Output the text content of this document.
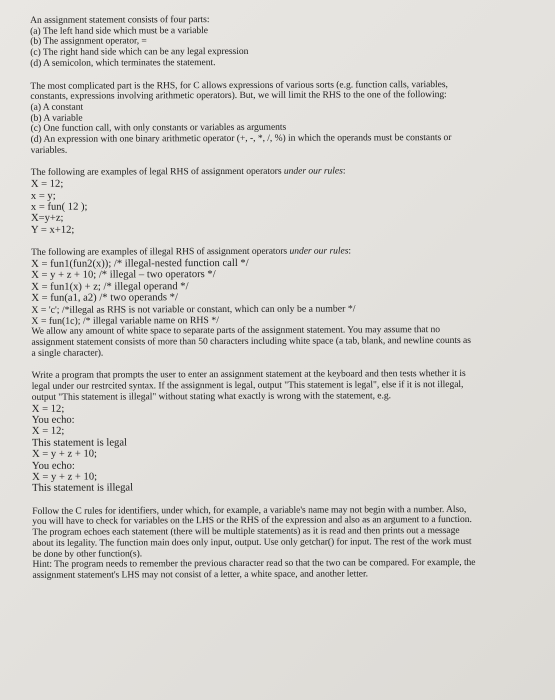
An assignment statement consists of four parts:
(a) The left hand side which must be a variable
(b) The assignment operator, =
(c) The right hand side which can be any legal expression
(d) A semicolon, which terminates the statement.
The most complicated part is the RHS, for C allows expressions of various sorts (e.g. function calls, variables,
constants, expressions involving arithmetic operators). But, we will limit the RHS to the one of the following:
(a) A constant
(b) A variable
(c) One function call, with only constants or variables as arguments
(d) An expression with one binary arithmetic operator (+, -, *, /, %) in which the operands must be constants or
variables.
The following are examples of legal RHS of assignment operators under our rules:
X = 12;
x = y;
x = fun( 12 );
X=y+z;
Y = x+12;
The following are examples of illegal RHS of assignment operators under our rules:
X = fun1(fun2(x)); /* illegal-nested function call */
X = y + z + 10; /* illegal – two operators */
X = fun1(x) + z; /* illegal operand */
X = fun(a1, a2) /* two operands */
X = 'c'; /*illegal as RHS is not variable or constant, which can only be a number */
X = fun(1c); /* illegal variable name on RHS */
We allow any amount of white space to separate parts of the assignment statement. You may assume that no
assignment statement consists of more than 50 characters including white space (a tab, blank, and newline counts as
a single character).
Write a program that prompts the user to enter an assignment statement at the keyboard and then tests whether it is
legal under our restrcited syntax. If the assignment is legal, output "This statement is legal", else if it is not illegal,
output "This statement is illegal" without stating what exactly is wrong with the statement, e.g.
X = 12;
You echo:
X = 12;
This statement is legal
X = y + z + 10;
You echo:
X = y + z + 10;
This statement is illegal
Follow the C rules for identifiers, under which, for example, a variable's name may not begin with a number. Also,
you will have to check for variables on the LHS or the RHS of the expression and also as an argument to a function.
The program echoes each statement (there will be multiple statements) as it is read and then prints out a message
about its legality. The function main does only input, output. Use only getchar() for input. The rest of the work must
be done by other function(s).
Hint: The program needs to remember the previous character read so that the two can be compared. For example, the
assignment statement's LHS may not consist of a letter, a white space, and another letter.
